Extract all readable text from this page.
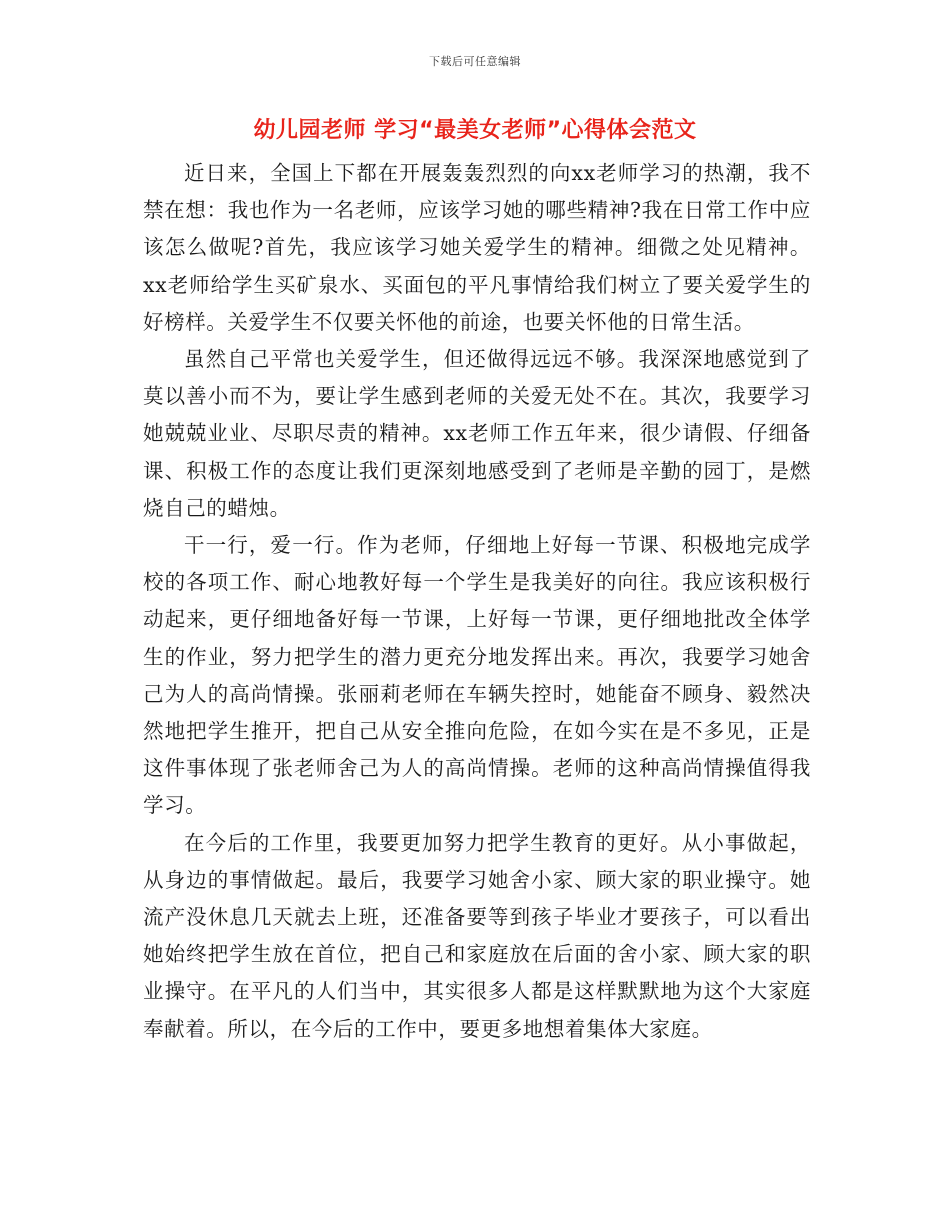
下载后可任意编辑
幼儿园老师 学习“最美女老师”心得体会范文

近日来，全国上下都在开展轰轰烈烈的向xx老师学习的热潮，我不禁在想：我也作为一名老师，应该学习她的哪些精神?我在日常工作中应该怎么做呢?首先，我应该学习她关爱学生的精神。细微之处见精神。xx老师给学生买矿泉水、买面包的平凡事情给我们树立了要关爱学生的好榜样。关爱学生不仅要关怀他的前途，也要关怀他的日常生活。

虽然自己平常也关爱学生，但还做得远远不够。我深深地感觉到了莫以善小而不为，要让学生感到老师的关爱无处不在。其次，我要学习她兢兢业业、尽职尽责的精神。xx老师工作五年来，很少请假、仔细备课、积极工作的态度让我们更深刻地感受到了老师是辛勤的园丁，是燃烧自己的蜡烛。

干一行，爱一行。作为老师，仔细地上好每一节课、积极地完成学校的各项工作、耐心地教好每一个学生是我美好的向往。我应该积极行动起来，更仔细地备好每一节课，上好每一节课，更仔细地批改全体学生的作业，努力把学生的潜力更充分地发挥出来。再次，我要学习她舍己为人的高尚情操。张丽莉老师在车辆失控时，她能奋不顾身、毅然决然地把学生推开，把自己从安全推向危险，在如今实在是不多见，正是这件事体现了张老师舍己为人的高尚情操。老师的这种高尚情操值得我学习。

在今后的工作里，我要更加努力把学生教育的更好。从小事做起，从身边的事情做起。最后，我要学习她舍小家、顾大家的职业操守。她流产没休息几天就去上班，还准备要等到孩子毕业才要孩子，可以看出她始终把学生放在首位，把自己和家庭放在后面的舍小家、顾大家的职业操守。在平凡的人们当中，其实很多人都是这样默默地为这个大家庭奉献着。所以，在今后的工作中，要更多地想着集体大家庭。
